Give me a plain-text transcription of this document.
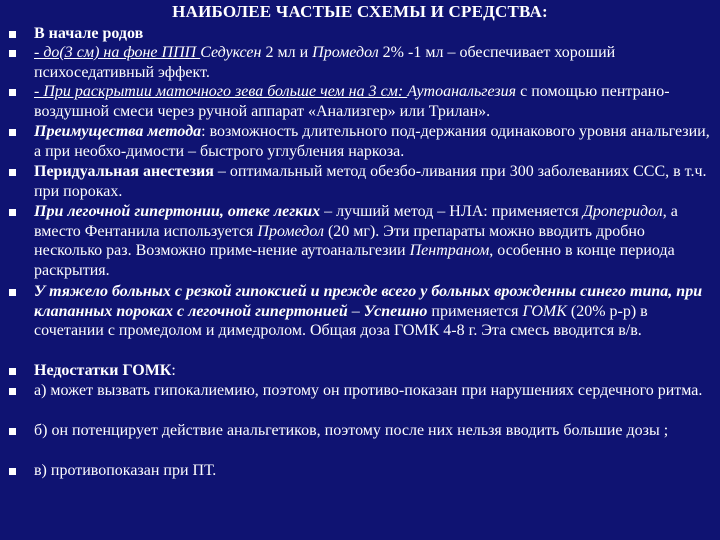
НАИБОЛЕЕ ЧАСТЫЕ СХЕМЫ И СРЕДСТВА:
В начале родов
- до(3 см) на фоне ППП Седуксен 2 мл и Промедол 2% -1 мл – обеспечивает хороший психоседативный эффект.
- При раскрытии маточного зева больше чем на 3 см: Аутоанальгезия с помощью пентрано-воздушной смеси через ручной аппарат «Анализгер» или Трилан».
Преимущества метода: возможность длительного под-держания одинакового уровня анальгезии, а при необхо-димости – быстрого углубления наркоза.
Перидуальная анестезия – оптимальный метод обезбо-ливания при 300 заболеваниях ССС, в т.ч. при пороках.
При легочной гипертонии, отеке легких – лучший метод – НЛА: применяется Дроперидол, а вместо Фентанила используется Промедол (20 мг). Эти препараты можно вводить дробно несколько раз. Возможно приме-нение аутоанальгезии Пентраном, особенно в конце периода раскрытия.
У тяжело больных с резкой гипоксией и прежде всего у больных врожденны синего типа, при клапанных пороках с легочной гипертонией – Успешно применяется ГОМК (20% р-р) в сочетании с промедолом и димедролом. Общая доза ГОМК 4-8 г. Эта смесь вводится в/в.
Недостатки ГОМК:
а) может вызвать гипокалиемию, поэтому он противо-показан при нарушениях сердечного ритма.
б) он потенцирует действие анальгетиков, поэтому после них нельзя вводить большие дозы ;
в) противопоказан при ПТ.
